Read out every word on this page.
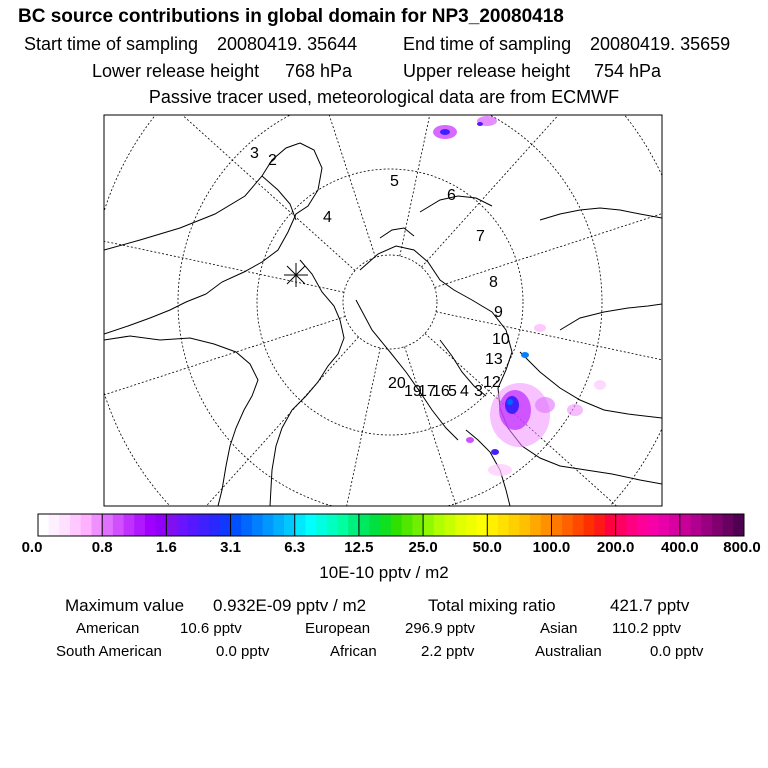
BC source contributions in global domain for NP3_20080418
Start time of sampling 20080419. 35644	End time of sampling 20080419. 35659
Lower release height 768 hPa	Upper release height 754 hPa
Passive tracer used, meteorological data are from ECMWF
3 2
5
6
4
7
8
9
10
13
12
20
19
17
16
5 4 3
0.0	0.8	1.6	3.1	6.3	12.5 25.0 50.0 100.0 200.0 400.0 800.0
10E-10 pptv / m2
Maximum value 0.932E-09 pptv / m2	Total mixing ratio	421.7 pptv
American	10.6 pptv	European 296.9 pptv	Asian 110.2 pptv
South American	0.0 pptv	African	2.2 pptv	Australian	0.0 pptv
